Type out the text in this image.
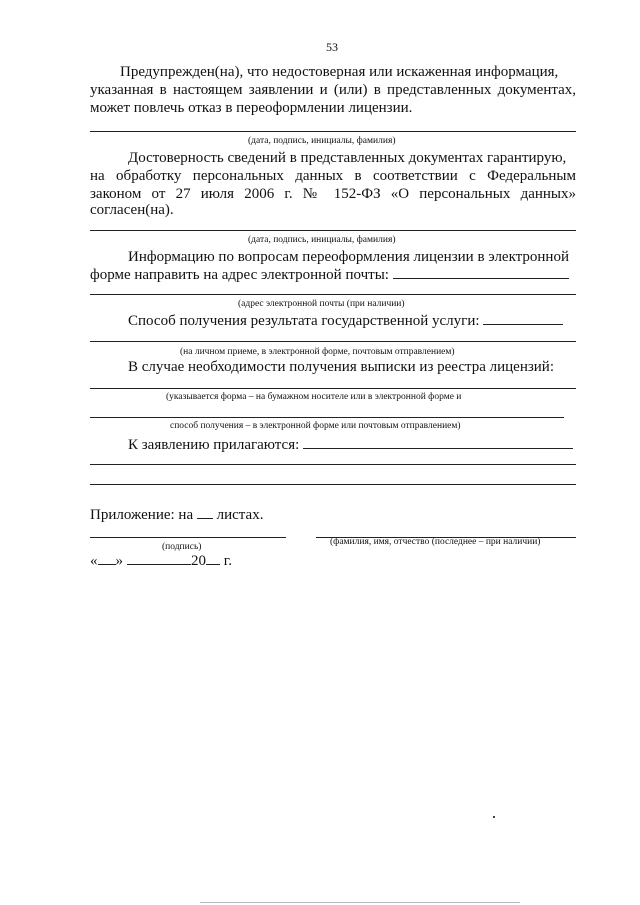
53
Предупрежден(на), что недостоверная или искаженная информация,
указанная в настоящем заявлении и (или) в представленных документах,
может повлечь отказ в переоформлении лицензии.
(дата, подпись, инициалы, фамилия)
Достоверность сведений в представленных документах гарантирую,
на обработку персональных данных в соответствии с Федеральным
законом от 27 июля 2006 г. № 152-ФЗ «О персональных данных»
согласен(на).
(дата, подпись, инициалы, фамилия)
Информацию по вопросам переоформления лицензии в электронной
форме направить на адрес электронной почты:
(адрес электронной почты (при наличии)
Способ получения результата государственной услуги:
(на личном приеме, в электронной форме, почтовым отправлением)
В случае необходимости получения выписки из реестра лицензий:
(указывается форма – на бумажном носителе или в электронной форме и
способ получения – в электронной форме или почтовым отправлением)
К заявлению прилагаются:
Приложение: на листах.
(подпись)	(фамилия, имя, отчество (последнее – при наличии)
« »	20 г.
